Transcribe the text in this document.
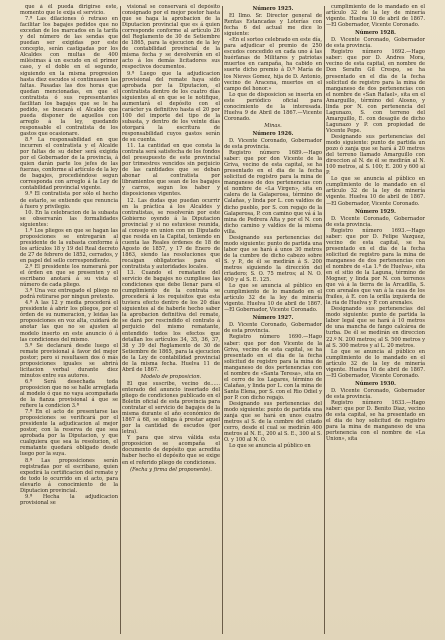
que á él pueda dirigirse este, momento que le exija el servicio.

7.ª Las dilaciones ó retraso en facilitar los bagajes pedidos que no excedan de los marcados en la tarifa y del número de las sendas que puedan ser exigidas por este concepto, serán castigadas por los Alcaldes con multas de 400 milésimas á un escudo en el primer caso, y el doble en el segundo, siguiendo en la misma progresion hasta diez escudos si continuasen las faltas. Pasadas las dos horas que quedan mencionadas, en que el contratista ó sus representantes facilitan los bagajes que se le ha pedido, se buscará el Alcalde que pueda disponer de aquellos con arreglo á la ley, quedando responsable el contratista de los gastos que ocasionare.

8.ª La responsabilidad en que incurren el contratista y el Alcalde por faltas de su deber será exigida por el Gobernador de la provincia, á quien darán parte los jefes de las fuerzas, conforme al artículo de la ley de bagajes, procediéndose segun corresponda con arreglo á la Ley de contabilidad provincial vigente.

9.ª El contratista por sólo el hecho de estarlo, se entiende que renuncia á fuero y privilegio.

10. En la celebracion de la subasta se observarán las formalidades siguientes:

1.ª Los pliegos en que se hagan las proposiciones se entregarán al presidente de la subasta conforme á los artículos 18 y 19 del Real decreto de 27 de febrero de 1852, cerrados, y en papel del sello correspondiente.

2.ª El presidente los numerará por el órden en que se presenten y el escribano anotará á su vista el número de cada pliego.

3.ª Una vez entregado el pliego no podrá retirarse por ningun pretexto.

4.ª A las 12 y media procederá el presidente á abrir los pliegos, por el órden de su numeracion, y leidas las proposiciones en voz alta, cuidará de anotar las que no se ajusten al modelo inserto en este anuncio ó á las condiciones del mismo.

5.ª Se declarará desde luego el remate provisional á favor del mejor postor; pero si resultasen dos ó más proposiciones iguales se abrirá licitacion verbal durante diez minutos entre sus autores.

6.ª Será desechada toda proposicion que no se halle arreglada al modelo ó que no vaya acompañada de la fianza provisional á que se refiere la condicion 3.ª

7.ª En el acto de presentarse las proposiciones se verificará por el presidente la adjudicacion al mejor postor, con la reserva de que sea aprobada por la Diputacion, y que cualquiera que sea la resolucion, el rematante quedará obligado desde luego por la suya.

8.ª Las proposiciones serán registradas por el escribano, quien expedirá la certificacion del remate y de todo lo ocurrido en el acto, para elevarlo á conocimiento de la Diputacion provincial.

9.ª Hecha la adjudicacion provisional se

visional se conservará el depósito consignado por el mejor postor hasta que se haga la aprobacion de la Diputacion provincial que es á quien corresponde conforme al artículo 26 del Reglamento de 30 de Setiembre de 1865, para la ejecucion de la ley de contabilidad provincial de la misma fecha y se devolverán en el acto á los demás licitadores sus respectivos documentos.

9.ª Luego que la adjudicacion provisional del remate haya sido aprobada por la Diputacion, el contratista dentro de los cuatro días siguientes al en que se le notifique, aumentará el depósito con el carácter ya definitivo hasta el 20 por 100 del importe del tipo de la subasta, y dentro de los veinte días otorgará la escritura de responsabilidad cuyos gastos serán de su cuenta.

11. La cantidad en que consta la contrata será satisfecha de los fondos del presupuesto de este provincial por trimestres vencidos sin perjuicio de las cantidades que se deban abonar al contratista por libramientos que sean de los bagajes y carros, segun los haber y disposiciones vigentes.

12. Las dudas que puedan ocurrir en la práctica á los Alcaldes y contratistas, se resolverán por este Gobierno oyendo á la Diputacion provincial y si no estuviese reunida, al consejo en union con un Diputado que resida en la Capital, teniendo en cuenta las Reales órdenes de 18 de Agosto de 1857, y 17 de Enero de 1863, siendo las resoluciones que recaigan obligatorias para el contratista y autoridades locales.

13. Cuando el rematante del servicio de bagajes no cumpliese las condiciones que debe llenar para el cumplimiento de la contrata se procederá á los requisitos que esta tuviera efecto dentro de los 20 días siguientes al de haberle hecho saber la aprobacion definitiva del remate, se dará por rescindido el contrato á perjuicio del mismo rematante, entendido todos los efectos que detallan los artículos 34, 35, 36, 37, 38 y 39 del Reglamento de 30 de Setiembre de 1865, para la ejecucion de la Ley de contabilidad provincial de la misma fecha. Huelva 11 de Abril de 1867.

Modelo de proposicion.

El que suscribe, vecino de...... enterado del anuncio insertado del pliego de condiciones publicado en el Boletin oficial de esta provincia para contratar el servicio de bagajes de la misma durante el año económico de 1867 á 68, se obliga á prestar aquel por la cantidad de escudos (por letra).

Y para que sirva válida esta proposicion se acompaña el documento de depósito que acredita haber hecho el depósito que se exige en el referido pliego de condiciones.

(Fecha y firma del proponente).

Número 1925.

El Ilmo. Sr. Director general de Rentas Estancadas y Loterías con fecha 6 del actual me dice lo siguiente:

«En el sorteo celebrado en este día, para adjudicar el premio de 250 escudos concedido en cada uno á las huérfanas de Militares y patriotas muertos en campaña, ha cabido en suerte dicho premio á D.ª María de los Nieves Gomez, hija de D. Antonio, vecino de Aracena, muertos en el campo del honor.»

Lo que de disposicion se inserta en este periódico oficial para conocimiento de la interesada. Huelva 9 de Abril de 1867.—Vicente Coronado.

Minas.

Número 1926.

D. Vicente Coronado, Gobernador de esta provincia.

Registro número 1689.—Hago saber: que por don Vicente de la Griva, vecino de esta capital, se ha presentado en el dia de la fecha solicitud de registro para la mina de manganeso de dos pertenencias con el nombre de «La Virgen», sita en calera de la Galaperosa, término de Calañas, y linda por L. con valdios de dicho pueblo, por S. con regajo de la Galaperosa, P. con camino que vá á la mina de Pedrera Alta y por el N. con dicho camino y valdíos de la misma villa.

Designando sus pertenencias del modo siguiente: punto de partida una labor que se hará á unos 30 metros de la cumbre de dicho cabezo sobre S. y P., de él se medirán á S. 200 metros siguiendo la dirección del criadero; S. O. 75 metros; al N. O. 400 y al S. E. 125.

Lo que se anuncia al público en cumplimiento de lo mandado en el artículo 32 de la ley de minería vigente. Huelva 10 de abril de 1867.—El Gobernador, Vicente Coronado.

Número 1927.

D. Vicente Coronado, Gobernador de esta provincia.

Registro número 1690.—Hago saber: que por don Vicente de la Griva, vecino de esta capital, se ha presentado en el dia de la fecha solicitud de registro para la mina de manganeso de dos pertenencias con el nombre de «Santa Teresa», sita en el cerro de los Lagares, término de Calañas, y linda por L. con la mina de Santa Elena, por S. con el Rio Odiel y por P. con dicho regajo.

Designando sus pertenencias del modo siguiente: punto de partida una zanja que se hará en unos cuatro metros al S. de la cumbre del citado cerro, desde el cual se medirán 400 metros al N. E., 200 al S. E., 300 al S. O. y 100 al N. O.

Lo que se anuncia al público en

cumplimiento de lo mandado en el artículo 32 de la ley de minería vigente. Huelva 10 de abril de 1867.—El Gobernador, Vicente Coronado.

Número 1928.

D. Vicente Coronado, Gobernador de esta provincia.

Registro número 1692.—Hago saber: que por D. Andres Mora, vecino de esta capital, en nombre de Don Serafin Gil Crespo, se ha presentado en el dia de la fecha solicitud de registro para la mina de manganeso de dos pertenencias con el nombre de «San Rafael», sita en el Amarguillo, término del Alosno, y linda por N. con pertenencia del Lagunazo, S. con terreno del Amarguillo, E. con desagüe de dicho Lagunazo y P. con propiedad de Vicente Pepe.

Designando sus pertenencias del modo siguiente: punto de partida un pozo ó zanja que se hará á 20 metros del terreno llamado Amarguillo con direccion al N. de él se medirán al N. 100 metros, al S. 100; E. 200 y 600 al P.

Lo que se anuncia al público en cumplimiento de lo mandado en el artículo 32 de la ley de minería vigente. Huelva 10 de abril de 1867.—El Gobernador, Vicente Coronado.

Número 1929.

D. Vicente Coronado, Gobernador de esta provincia.

Registro número 1693.—Hago saber: que por D. Felipe Vazquez, vecino de esta capital, se ha presentado en el dia de la fecha solicitud de registro para la mina de manganeso de dos pertenencias con el nombre de «La 1.ª de Huelva», sita en el sitio de la Laguna, término de Mogner, y linda por N. con terrenos que vá á la tierra de la Arcadilla, S. con arenales que van á la casa de los frailes, á E. con la orilla izquierda de la ria de Huelva y P. con arenales.

Designando sus pertenencias del modo siguiente: punto de partida la labor legal que se hará á 10 metros de una mancha de fango calcárea de turba. De él se medirán en direccion 22.º N. 200 metros; al S. 500 metros y al S. 300 metros y al L. 20 metros.

Lo que se anuncia al público en cumplimiento de lo mandado en el artículo 32 de la ley de minería vigente. Huelva 10 de abril de 1867.—El Gobernador, Vicente Coronado.

Número 1930.

D. Vicente Coronado, Gobernador de esta provincia.

Registro número 1633.—Hago saber: que por D. Benito Diaz, vecino de esta capital, se ha presentado en el dia de hoy solicitud de registro para la mina de manganeso de una pertenencia con el nombre de «La Union», sita
